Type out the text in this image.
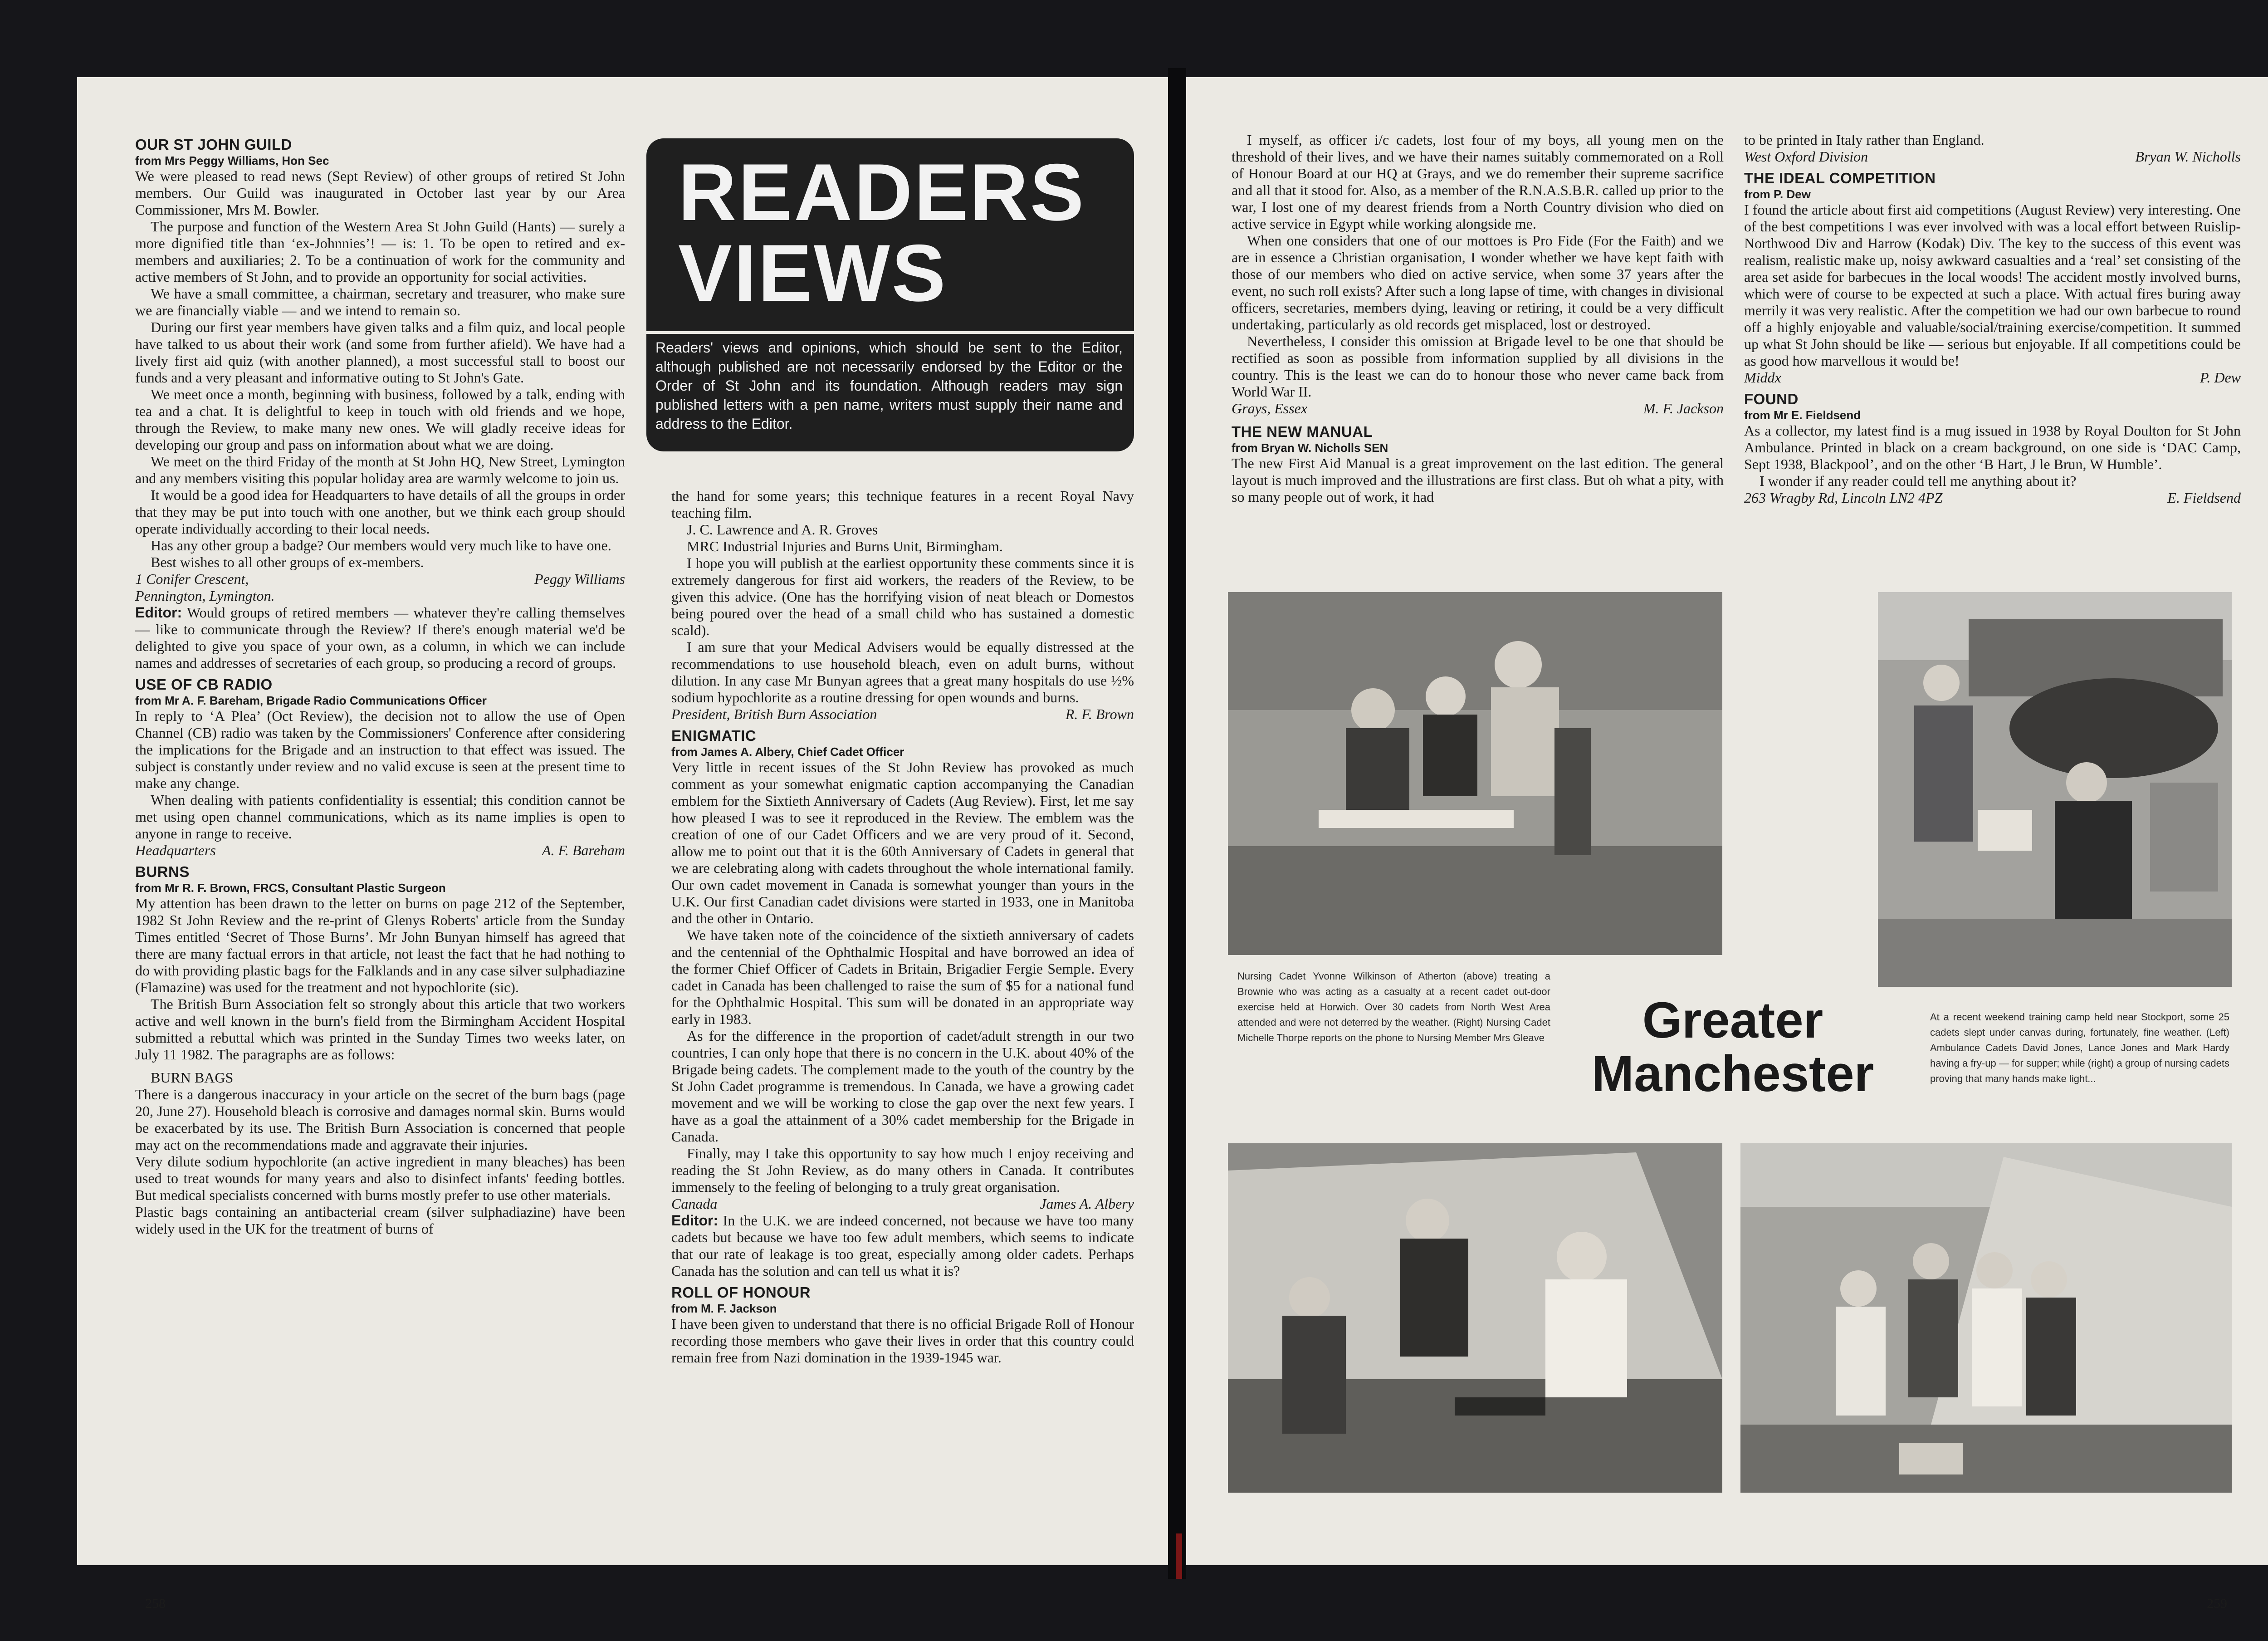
OUR ST JOHN GUILD
from Mrs Peggy Williams, Hon Sec

We were pleased to read news (Sept Review) of other groups of retired St John members. Our Guild was inaugurated in October last year by our Area Commissioner, Mrs M. Bowler.

The purpose and function of the Western Area St John Guild (Hants) — surely a more dignified title than ‘ex-Johnnies’! — is: 1. To be open to retired and ex-members and auxiliaries; 2. To be a continuation of work for the community and active members of St John, and to provide an opportunity for social activities.

We have a small committee, a chairman, secretary and treasurer, who make sure we are financially viable — and we intend to remain so.

During our first year members have given talks and a film quiz, and local people have talked to us about their work (and some from further afield). We have had a lively first aid quiz (with another planned), a most successful stall to boost our funds and a very pleasant and informative outing to St John's Gate.

We meet once a month, beginning with business, followed by a talk, ending with tea and a chat. It is delightful to keep in touch with old friends and we hope, through the Review, to make many new ones. We will gladly receive ideas for developing our group and pass on information about what we are doing.

We meet on the third Friday of the month at St John HQ, New Street, Lymington and any members visiting this popular holiday area are warmly welcome to join us.

It would be a good idea for Headquarters to have details of all the groups in order that they may be put into touch with one another, but we think each group should operate individually according to their local needs.

Has any other group a badge? Our members would very much like to have one.

Best wishes to all other groups of ex-members.

1 Conifer Crescent,	Peggy Williams
Pennington, Lymington.

Editor: Would groups of retired members — whatever they're calling themselves — like to communicate through the Review? If there's enough material we'd be delighted to give you space of your own, as a column, in which we can include names and addresses of secretaries of each group, so producing a record of groups.

USE OF CB RADIO
from Mr A. F. Bareham, Brigade Radio Communications Officer

In reply to ‘A Plea’ (Oct Review), the decision not to allow the use of Open Channel (CB) radio was taken by the Commissioners' Conference after considering the implications for the Brigade and an instruction to that effect was issued. The subject is constantly under review and no valid excuse is seen at the present time to make any change.

When dealing with patients confidentiality is essential; this condition cannot be met using open channel communications, which as its name implies is open to anyone in range to receive.

Headquarters	A. F. Bareham
BURNS
from Mr R. F. Brown, FRCS, Consultant Plastic Surgeon

My attention has been drawn to the letter on burns on page 212 of the September, 1982 St John Review and the re-print of Glenys Roberts' article from the Sunday Times entitled ‘Secret of Those Burns’. Mr John Bunyan himself has agreed that there are many factual errors in that article, not least the fact that he had nothing to do with providing plastic bags for the Falklands and in any case silver sulphadiazine (Flamazine) was used for the treatment and not hypochlorite (sic).

The British Burn Association felt so strongly about this article that two workers active and well known in the burn's field from the Birmingham Accident Hospital submitted a rebuttal which was printed in the Sunday Times two weeks later, on July 11 1982. The paragraphs are as follows:

BURN BAGS

There is a dangerous inaccuracy in your article on the secret of the burn bags (page 20, June 27). Household bleach is corrosive and damages normal skin. Burns would be exacerbated by its use. The British Burn Association is concerned that people may act on the recommendations made and aggravate their injuries.

Very dilute sodium hypochlorite (an active ingredient in many bleaches) has been used to treat wounds for many years and also to disinfect infants' feeding bottles. But medical specialists concerned with burns mostly prefer to use other materials.

Plastic bags containing an antibacterial cream (silver sulphadiazine) have been widely used in the UK for the treatment of burns of

READERS
VIEWS
Readers' views and opinions, which should be sent to the Editor, although published are not necessarily endorsed by the Editor or the Order of St John and its foundation. Although readers may sign published letters with a pen name, writers must supply their name and address to the Editor.

the hand for some years; this technique features in a recent Royal Navy teaching film.

J. C. Lawrence and A. R. Groves

MRC Industrial Injuries and Burns Unit, Birmingham.

I hope you will publish at the earliest opportunity these comments since it is extremely dangerous for first aid workers, the readers of the Review, to be given this advice. (One has the horrifying vision of neat bleach or Domestos being poured over the head of a small child who has sustained a domestic scald).

I am sure that your Medical Advisers would be equally distressed at the recommendations to use household bleach, even on adult burns, without dilution. In any case Mr Bunyan agrees that a great many hospitals do use ½% sodium hypochlorite as a routine dressing for open wounds and burns.

President, British Burn Association	R. F. Brown
ENIGMATIC
from James A. Albery, Chief Cadet Officer

Very little in recent issues of the St John Review has provoked as much comment as your somewhat enigmatic caption accompanying the Canadian emblem for the Sixtieth Anniversary of Cadets (Aug Review). First, let me say how pleased I was to see it reproduced in the Review. The emblem was the creation of one of our Cadet Officers and we are very proud of it. Second, allow me to point out that it is the 60th Anniversary of Cadets in general that we are celebrating along with cadets throughout the whole international family. Our own cadet movement in Canada is somewhat younger than yours in the U.K. Our first Canadian cadet divisions were started in 1933, one in Manitoba and the other in Ontario.

We have taken note of the coincidence of the sixtieth anniversary of cadets and the centennial of the Ophthalmic Hospital and have borrowed an idea of the former Chief Officer of Cadets in Britain, Brigadier Fergie Semple. Every cadet in Canada has been challenged to raise the sum of $5 for a national fund for the Ophthalmic Hospital. This sum will be donated in an appropriate way early in 1983.

As for the difference in the proportion of cadet/adult strength in our two countries, I can only hope that there is no concern in the U.K. about 40% of the Brigade being cadets. The complement made to the youth of the country by the St John Cadet programme is tremendous. In Canada, we have a growing cadet movement and we will be working to close the gap over the next few years. I have as a goal the attainment of a 30% cadet membership for the Brigade in Canada.

Finally, may I take this opportunity to say how much I enjoy receiving and reading the St John Review, as do many others in Canada. It contributes immensely to the feeling of belonging to a truly great organisation.

Canada	James A. Albery

Editor: In the U.K. we are indeed concerned, not because we have too many cadets but because we have too few adult members, which seems to indicate that our rate of leakage is too great, especially among older cadets. Perhaps Canada has the solution and can tell us what it is?

ROLL OF HONOUR
from M. F. Jackson

I have been given to understand that there is no official Brigade Roll of Honour recording those members who gave their lives in order that this country could remain free from Nazi domination in the 1939-1945 war.

258

I myself, as officer i/c cadets, lost four of my boys, all young men on the threshold of their lives, and we have their names suitably commemorated on a Roll of Honour Board at our HQ at Grays, and we do remember their supreme sacrifice and all that it stood for. Also, as a member of the R.N.A.S.B.R. called up prior to the war, I lost one of my dearest friends from a North Country division who died on active service in Egypt while working alongside me.

When one considers that one of our mottoes is Pro Fide (For the Faith) and we are in essence a Christian organisation, I wonder whether we have kept faith with those of our members who died on active service, when some 37 years after the event, no such roll exists? After such a long lapse of time, with changes in divisional officers, secretaries, members dying, leaving or retiring, it could be a very difficult undertaking, particularly as old records get misplaced, lost or destroyed.

Nevertheless, I consider this omission at Brigade level to be one that should be rectified as soon as possible from information supplied by all divisions in the country. This is the least we can do to honour those who never came back from World War II.

Grays, Essex	M. F. Jackson
THE NEW MANUAL
from Bryan W. Nicholls SEN

The new First Aid Manual is a great improvement on the last edition. The general layout is much improved and the illustrations are first class. But oh what a pity, with so many people out of work, it had

to be printed in Italy rather than England.

West Oxford Division	Bryan W. Nicholls
THE IDEAL COMPETITION
from P. Dew

I found the article about first aid competitions (August Review) very interesting. One of the best competitions I was ever involved with was a local effort between Ruislip-Northwood Div and Harrow (Kodak) Div. The key to the success of this event was realism, realistic make up, noisy awkward casualties and a ‘real’ set consisting of the area set aside for barbecues in the local woods! The accident mostly involved burns, which were of course to be expected at such a place. With actual fires buring away merrily it was very realistic. After the competition we had our own barbecue to round off a highly enjoyable and valuable/social/training exercise/competition. It summed up what St John should be like — serious but enjoyable. If all competitions could be as good how marvellous it would be!

Middx	P. Dew
FOUND
from Mr E. Fieldsend

As a collector, my latest find is a mug issued in 1938 by Royal Doulton for St John Ambulance. Printed in black on a cream background, on one side is ‘DAC Camp, Sept 1938, Blackpool’, and on the other ‘B Hart, J le Brun, W Humble’.

I wonder if any reader could tell me anything about it?

263 Wragby Rd, Lincoln LN2 4PZ	E. Fieldsend
259
Nursing Cadet Yvonne Wilkinson of Atherton (above) treating a Brownie who was acting as a casualty at a recent cadet out-door exercise held at Horwich. Over 30 cadets from North West Area attended and were not deterred by the weather. (Right) Nursing Cadet Michelle Thorpe reports on the phone to Nursing Member Mrs Gleave	Greater
Manchester
At a recent weekend training camp held near Stockport, some 25 cadets slept under canvas during, fortunately, fine weather. (Left) Ambulance Cadets David Jones, Lance Jones and Mark Hardy having a fry-up — for supper; while (right) a group of nursing cadets proving that many hands make light...
